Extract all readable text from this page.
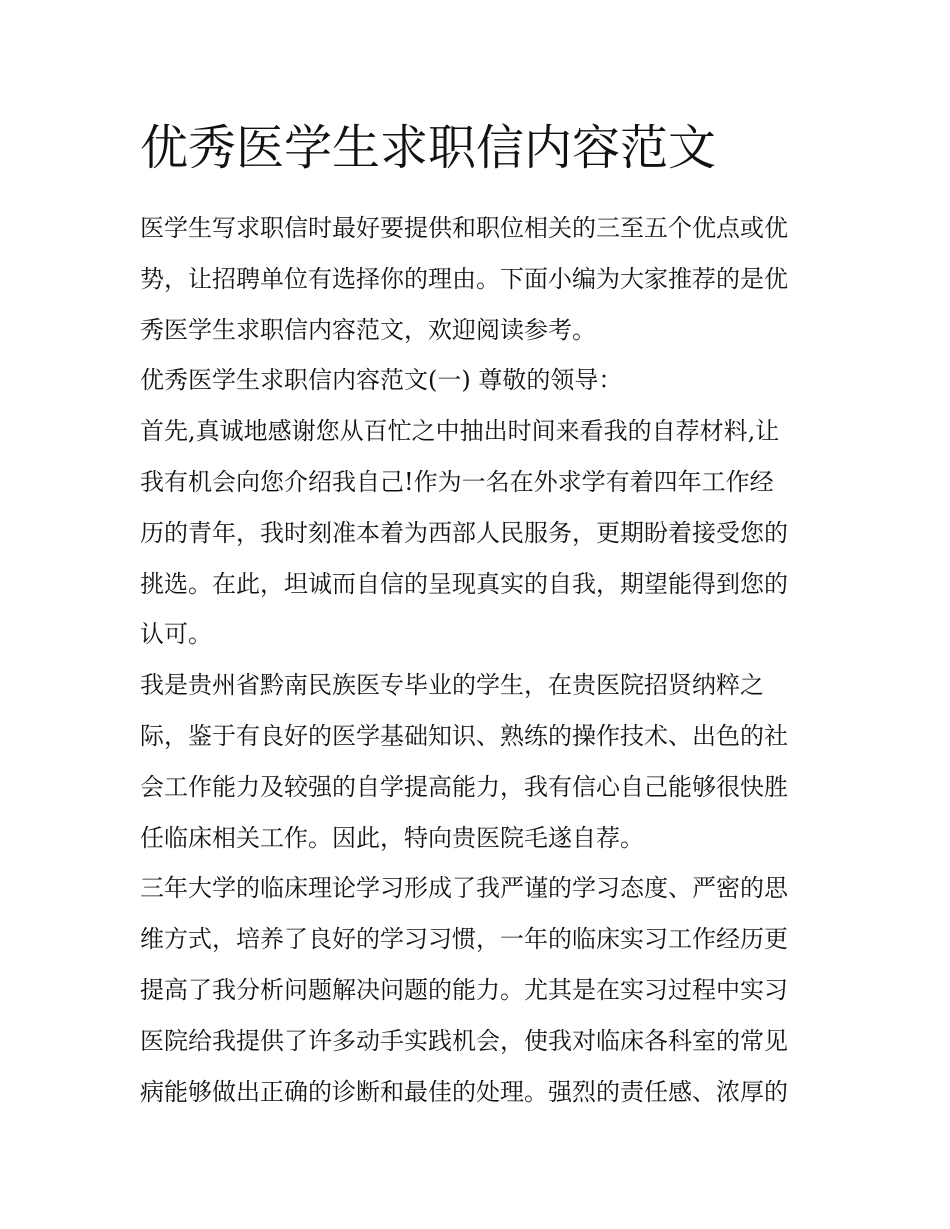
优秀医学生求职信内容范文

医学生写求职信时最好要提供和职位相关的三至五个优点或优
势，让招聘单位有选择你的理由。下面小编为大家推荐的是优
秀医学生求职信内容范文，欢迎阅读参考。

优秀医学生求职信内容范文(一) 尊敬的领导：

首先,真诚地感谢您从百忙之中抽出时间来看我的自荐材料,让
我有机会向您介绍我自己!作为一名在外求学有着四年工作经
历的青年，我时刻准本着为西部人民服务，更期盼着接受您的
挑选。在此，坦诚而自信的呈现真实的自我，期望能得到您的
认可。

我是贵州省黔南民族医专毕业的学生，在贵医院招贤纳粹之
际，鉴于有良好的医学基础知识、熟练的操作技术、出色的社
会工作能力及较强的自学提高能力，我有信心自己能够很快胜
任临床相关工作。因此，特向贵医院毛遂自荐。

三年大学的临床理论学习形成了我严谨的学习态度、严密的思
维方式，培养了良好的学习习惯，一年的临床实习工作经历更
提高了我分析问题解决问题的能力。尤其是在实习过程中实习
医院给我提供了许多动手实践机会，使我对临床各科室的常见
病能够做出正确的诊断和最佳的处理。强烈的责任感、浓厚的
